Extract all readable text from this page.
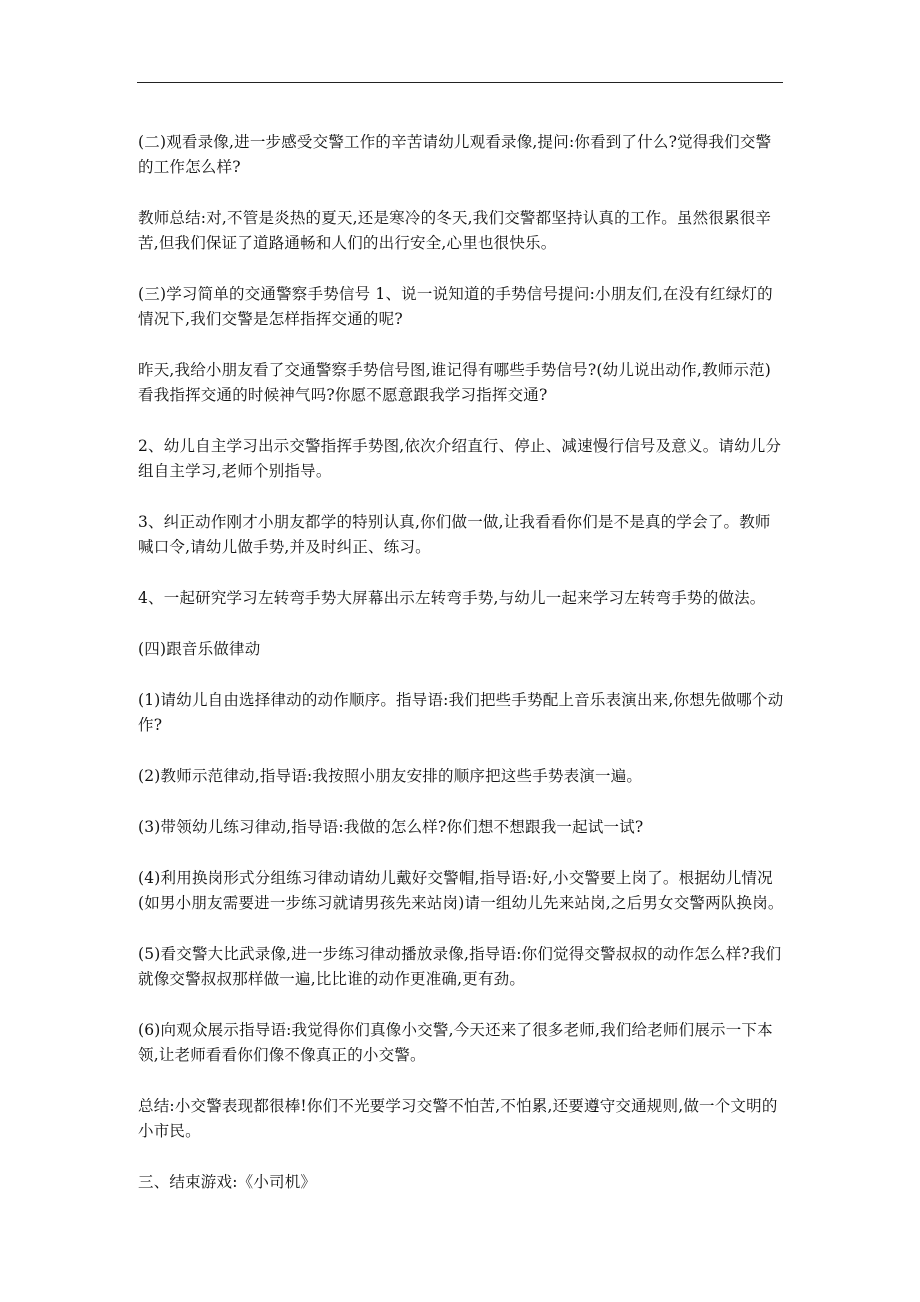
(二)观看录像,进一步感受交警工作的辛苦请幼儿观看录像,提问:你看到了什么?觉得我们交警的工作怎么样?

教师总结:对,不管是炎热的夏天,还是寒冷的冬天,我们交警都坚持认真的工作。虽然很累很辛苦,但我们保证了道路通畅和人们的出行安全,心里也很快乐。

(三)学习简单的交通警察手势信号 1、说一说知道的手势信号提问:小朋友们,在没有红绿灯的情况下,我们交警是怎样指挥交通的呢?

昨天,我给小朋友看了交通警察手势信号图,谁记得有哪些手势信号?(幼儿说出动作,教师示范)看我指挥交通的时候神气吗?你愿不愿意跟我学习指挥交通?

2、幼儿自主学习出示交警指挥手势图,依次介绍直行、停止、减速慢行信号及意义。请幼儿分组自主学习,老师个别指导。

3、纠正动作刚才小朋友都学的特别认真,你们做一做,让我看看你们是不是真的学会了。教师喊口令,请幼儿做手势,并及时纠正、练习。

4、一起研究学习左转弯手势大屏幕出示左转弯手势,与幼儿一起来学习左转弯手势的做法。

(四)跟音乐做律动

(1)请幼儿自由选择律动的动作顺序。指导语:我们把些手势配上音乐表演出来,你想先做哪个动作?

(2)教师示范律动,指导语:我按照小朋友安排的顺序把这些手势表演一遍。

(3)带领幼儿练习律动,指导语:我做的怎么样?你们想不想跟我一起试一试?

(4)利用换岗形式分组练习律动请幼儿戴好交警帽,指导语:好,小交警要上岗了。根据幼儿情况(如男小朋友需要进一步练习就请男孩先来站岗)请一组幼儿先来站岗,之后男女交警两队换岗。

(5)看交警大比武录像,进一步练习律动播放录像,指导语:你们觉得交警叔叔的动作怎么样?我们就像交警叔叔那样做一遍,比比谁的动作更准确,更有劲。

(6)向观众展示指导语:我觉得你们真像小交警,今天还来了很多老师,我们给老师们展示一下本领,让老师看看你们像不像真正的小交警。

总结:小交警表现都很棒!你们不光要学习交警不怕苦,不怕累,还要遵守交通规则,做一个文明的小市民。

三、结束游戏:《小司机》
